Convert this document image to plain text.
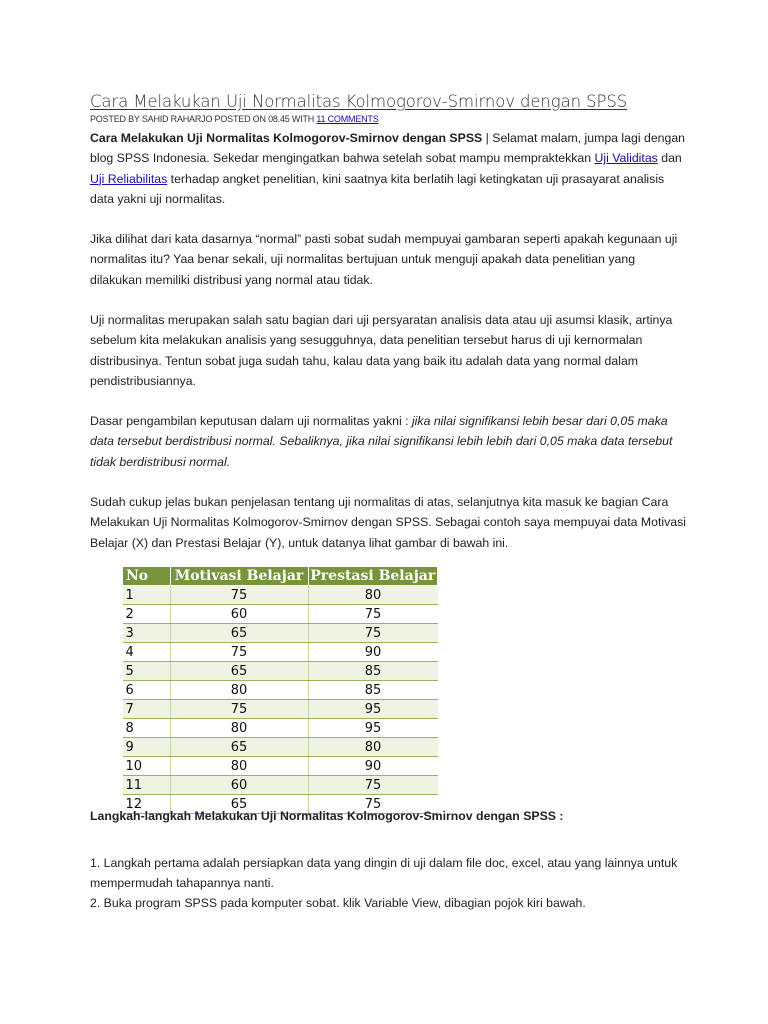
Cara Melakukan Uji Normalitas Kolmogorov-Smirnov dengan SPSS
POSTED BY SAHID RAHARJO POSTED ON 08.45 WITH 11 COMMENTS

Cara Melakukan Uji Normalitas Kolmogorov-Smirnov dengan SPSS | Selamat malam, jumpa lagi dengan blog SPSS Indonesia. Sekedar mengingatkan bahwa setelah sobat mampu mempraktekkan Uji Validitas dan Uji Reliabilitas terhadap angket penelitian, kini saatnya kita berlatih lagi ketingkatan uji prasayarat analisis data yakni uji normalitas.

Jika dilihat dari kata dasarnya “normal” pasti sobat sudah mempuyai gambaran seperti apakah kegunaan uji normalitas itu? Yaa benar sekali, uji normalitas bertujuan untuk menguji apakah data penelitian yang dilakukan memiliki distribusi yang normal atau tidak.

Uji normalitas merupakan salah satu bagian dari uji persyaratan analisis data atau uji asumsi klasik, artinya sebelum kita melakukan analisis yang sesugguhnya, data penelitian tersebut harus di uji kernormalan distribusinya. Tentun sobat juga sudah tahu, kalau data yang baik itu adalah data yang normal dalam pendistribusiannya.

Dasar pengambilan keputusan dalam uji normalitas yakni : jika nilai signifikansi lebih besar dari 0,05 maka data tersebut berdistribusi normal. Sebaliknya, jika nilai signifikansi lebih lebih dari 0,05 maka data tersebut tidak berdistribusi normal.

Sudah cukup jelas bukan penjelasan tentang uji normalitas di atas, selanjutnya kita masuk ke bagian Cara Melakukan Uji Normalitas Kolmogorov-Smirnov dengan SPSS. Sebagai contoh saya mempuyai data Motivasi Belajar (X) dan Prestasi Belajar (Y), untuk datanya lihat gambar di bawah ini.

No	Motivasi Belajar	Prestasi Belajar
1	75	80
2	60	75
3	65	75
4	75	90
5	65	85
6	80	85
7	75	95
8	80	95
9	65	80
10	80	90
11	60	75
12	65	75

Langkah-langkah Melakukan Uji Normalitas Kolmogorov-Smirnov dengan SPSS :

1. Langkah pertama adalah persiapkan data yang dingin di uji dalam file doc, excel, atau yang lainnya untuk mempermudah tahapannya nanti.

2. Buka program SPSS pada komputer sobat. klik Variable View, dibagian pojok kiri bawah.
